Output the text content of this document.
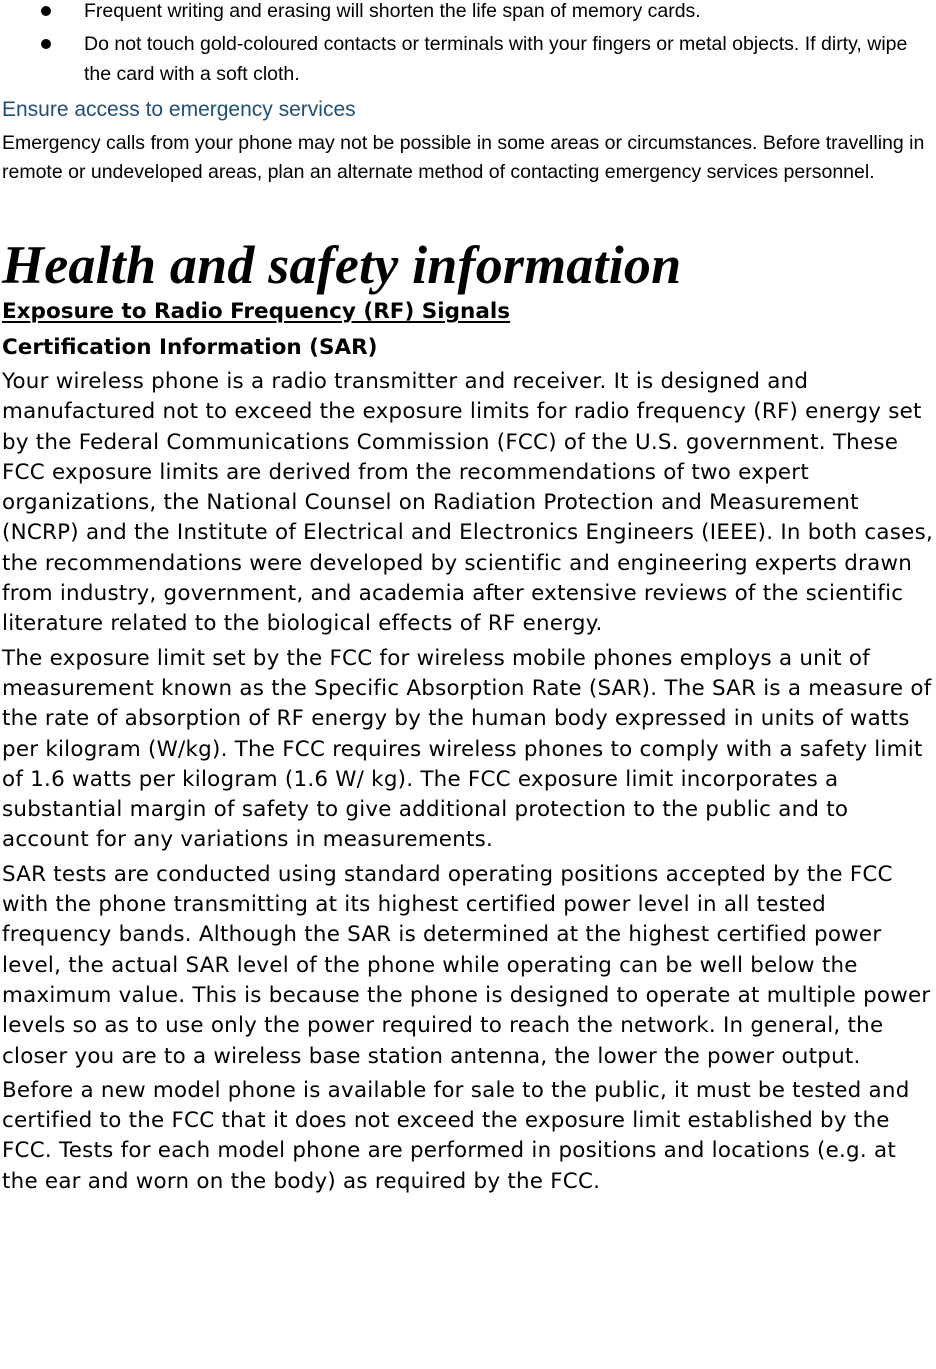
Frequent writing and erasing will shorten the life span of memory cards.
Do not touch gold-coloured contacts or terminals with your fingers or metal objects. If dirty, wipe the card with a soft cloth.
Ensure access to emergency services

Emergency calls from your phone may not be possible in some areas or circumstances. Before travelling in remote or undeveloped areas, plan an alternate method of contacting emergency services personnel.

Health and safety information
Exposure to Radio Frequency (RF) Signals
Certification Information (SAR)

Your wireless phone is a radio transmitter and receiver. It is designed and manufactured not to exceed the exposure limits for radio frequency (RF) energy set by the Federal Communications Commission (FCC) of the U.S. government. These FCC exposure limits are derived from the recommendations of two expert organizations, the National Counsel on Radiation Protection and Measurement (NCRP) and the Institute of Electrical and Electronics Engineers (IEEE). In both cases, the recommendations were developed by scientific and engineering experts drawn from industry, government, and academia after extensive reviews of the scientific literature related to the biological effects of RF energy.

The exposure limit set by the FCC for wireless mobile phones employs a unit of measurement known as the Specific Absorption Rate (SAR). The SAR is a measure of the rate of absorption of RF energy by the human body expressed in units of watts per kilogram (W/kg). The FCC requires wireless phones to comply with a safety limit of 1.6 watts per kilogram (1.6 W/ kg). The FCC exposure limit incorporates a substantial margin of safety to give additional protection to the public and to account for any variations in measurements.

SAR tests are conducted using standard operating positions accepted by the FCC with the phone transmitting at its highest certified power level in all tested frequency bands. Although the SAR is determined at the highest certified power level, the actual SAR level of the phone while operating can be well below the maximum value. This is because the phone is designed to operate at multiple power levels so as to use only the power required to reach the network. In general, the closer you are to a wireless base station antenna, the lower the power output.

Before a new model phone is available for sale to the public, it must be tested and certified to the FCC that it does not exceed the exposure limit established by the FCC. Tests for each model phone are performed in positions and locations (e.g. at the ear and worn on the body) as required by the FCC.
